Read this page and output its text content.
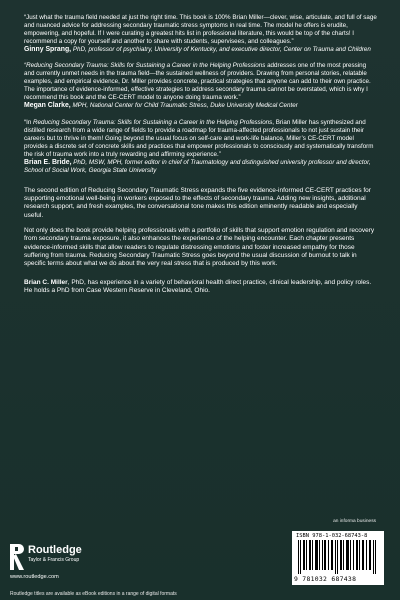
“Just what the trauma field needed at just the right time. This book is 100% Brian Miller—clever, wise, articulate, and full of sage and nuanced advice for addressing secondary traumatic stress symptoms in real time. The model he offers is erudite, empowering, and hopeful. If I were curating a greatest hits list in professional literature, this would be top of the charts! I recommend a copy for yourself and another to share with students, supervisees, and colleagues.”
Ginny Sprang, PhD, professor of psychiatry, University of Kentucky, and executive director, Center on Trauma and Children

“Reducing Secondary Trauma: Skills for Sustaining a Career in the Helping Professions addresses one of the most pressing and currently unmet needs in the trauma field—the sustained wellness of providers. Drawing from personal stories, relatable examples, and empirical evidence, Dr. Miller provides concrete, practical strategies that anyone can add to their own practice. The importance of evidence-informed, effective strategies to address secondary trauma cannot be overstated, which is why I recommend this book and the CE-CERT model to anyone doing trauma work.”
Megan Clarke, MPH, National Center for Child Traumatic Stress, Duke University Medical Center

“In Reducing Secondary Trauma: Skills for Sustaining a Career in the Helping Professions, Brian Miller has synthesized and distilled research from a wide range of fields to provide a roadmap for trauma-affected professionals to not just sustain their careers but to thrive in them! Going beyond the usual focus on self-care and work-life balance, Miller’s CE-CERT model provides a discrete set of concrete skills and practices that empower professionals to consciously and systematically transform the risk of trauma work into a truly rewarding and affirming experience.”
Brian E. Bride, PhD, MSW, MPH, former editor in chief of Traumatology and distinguished university professor and director, School of Social Work, Georgia State University

The second edition of Reducing Secondary Traumatic Stress expands the five evidence-informed CE-CERT practices for supporting emotional well-being in workers exposed to the effects of secondary trauma. Adding new insights, additional research support, and fresh examples, the conversational tone makes this edition eminently readable and especially useful.

Not only does the book provide helping professionals with a portfolio of skills that support emotion regulation and recovery from secondary trauma exposure, it also enhances the experience of the helping encounter. Each chapter presents evidence-informed skills that allow readers to regulate distressing emotions and foster increased empathy for those suffering from trauma. Reducing Secondary Traumatic Stress goes beyond the usual discussion of burnout to talk in specific terms about what we do about the very real stress that is produced by this work.

Brian C. Miller, PhD, has experience in a variety of behavioral health direct practice, clinical leadership, and policy roles. He holds a PhD from Case Western Reserve in Cleveland, Ohio.

an informa business
Routledge
Taylor & Francis Group
www.routledge.com
Routledge titles are available as eBook editions in a range of digital formats
ISBN 978-1-032-68743-8
9 781032 687438
